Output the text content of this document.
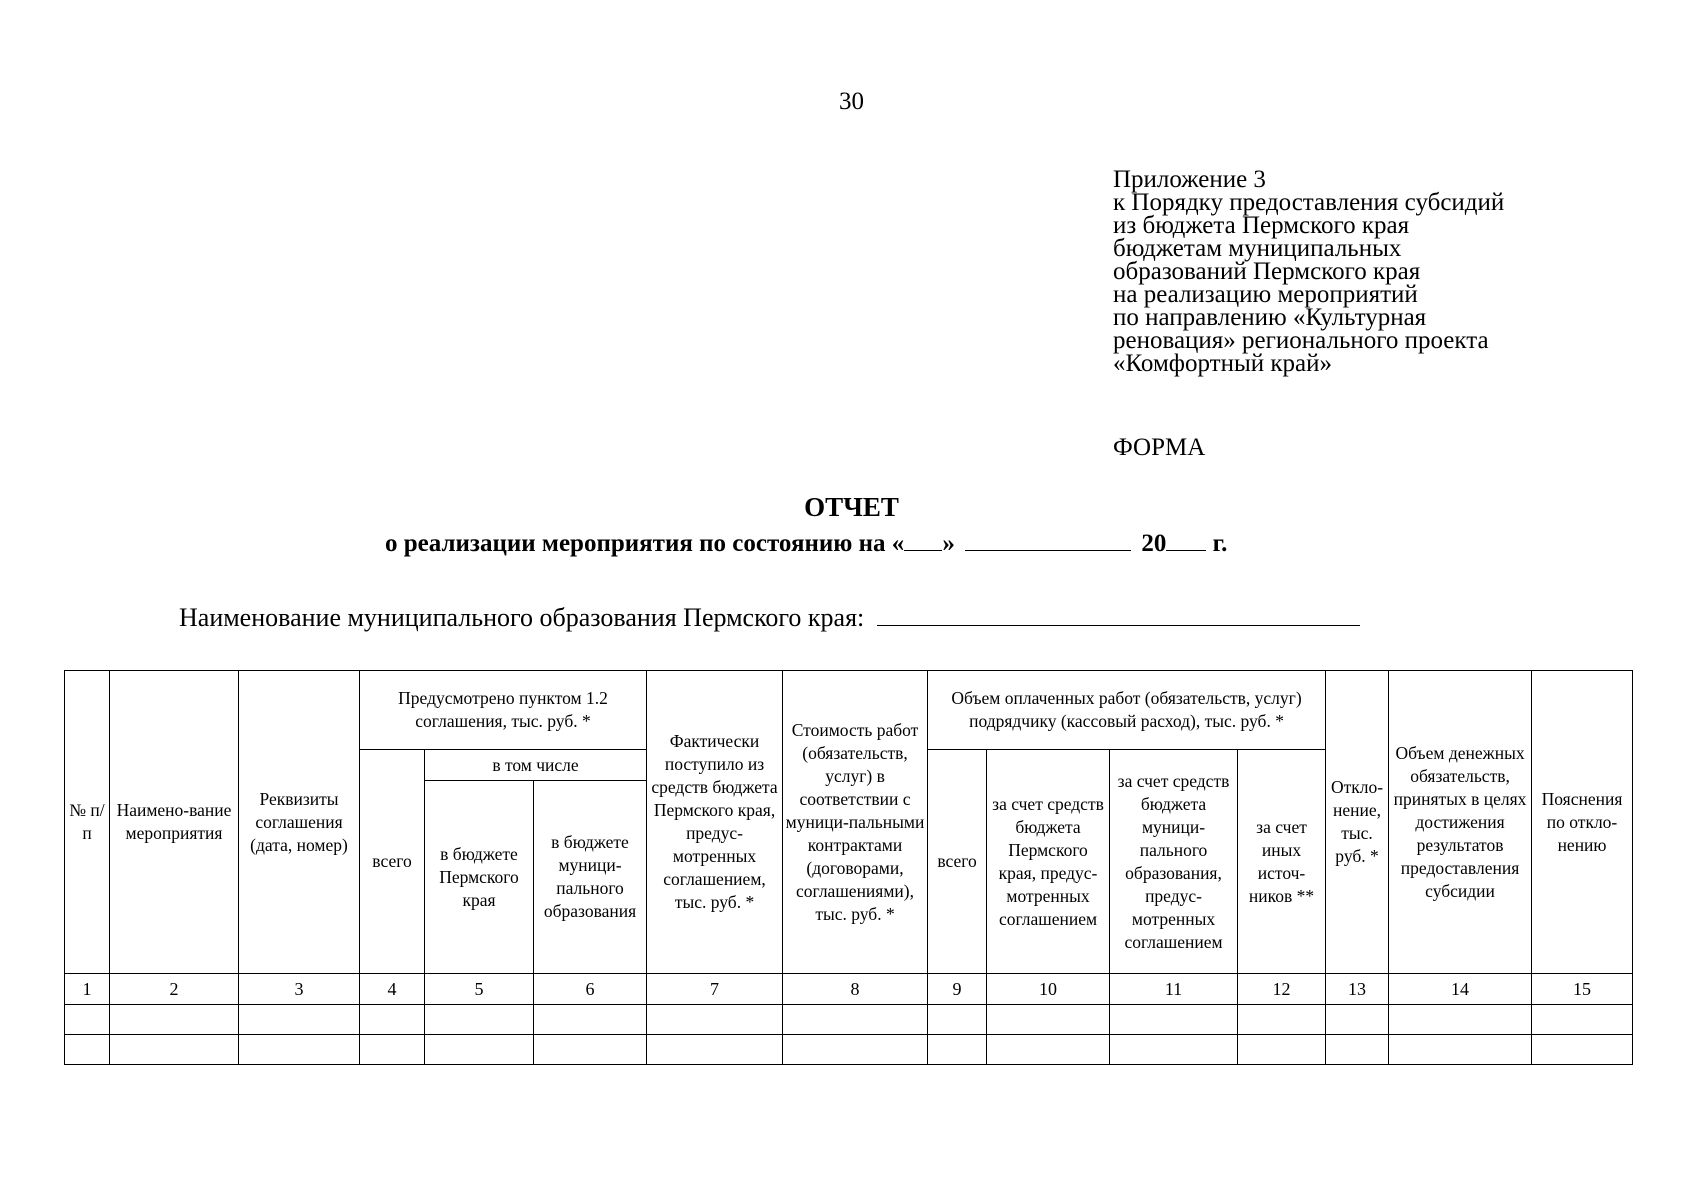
30
Приложение 3
к Порядку предоставления субсидий
из бюджета Пермского края
бюджетам муниципальных
образований Пермского края
на реализацию мероприятий
по направлению «Культурная
реновация» регионального проекта
«Комфортный край»
ФОРМА
ОТЧЕТ
о реализации мероприятия по состоянию на « »	20 г.
Наименование муниципального образования Пермского края:
№ п/п	Наимено-вание мероприятия	Реквизиты соглашения (дата, номер)	Предусмотрено пунктом 1.2 соглашения, тыс. руб. *			Фактически поступило из средств бюджета Пермского края, предус-мотренных соглашением, тыс. руб. *	Стоимость работ (обязательств, услуг) в соответствии с муници-пальными контрактами (договорами, соглашениями), тыс. руб. *	Объем оплаченных работ (обязательств, услуг) подрядчику (кассовый расход), тыс. руб. *				Откло-нение, тыс. руб. *	Объем денежных обязательств, принятых в целях достижения результатов предоставления субсидии	Пояснения по откло-нению
			всего	в том числе				всего	за счет средств бюджета Пермского края, предус-мотренных соглашением	за счет средств бюджета муници-пального образования, предус-мотренных соглашением	за счет иных источ-ников **			
				в бюджете Пермского края	в бюджете муници-пального образования									
1	2	3	4	5	6	7	8	9	10	11	12	13	14	15
